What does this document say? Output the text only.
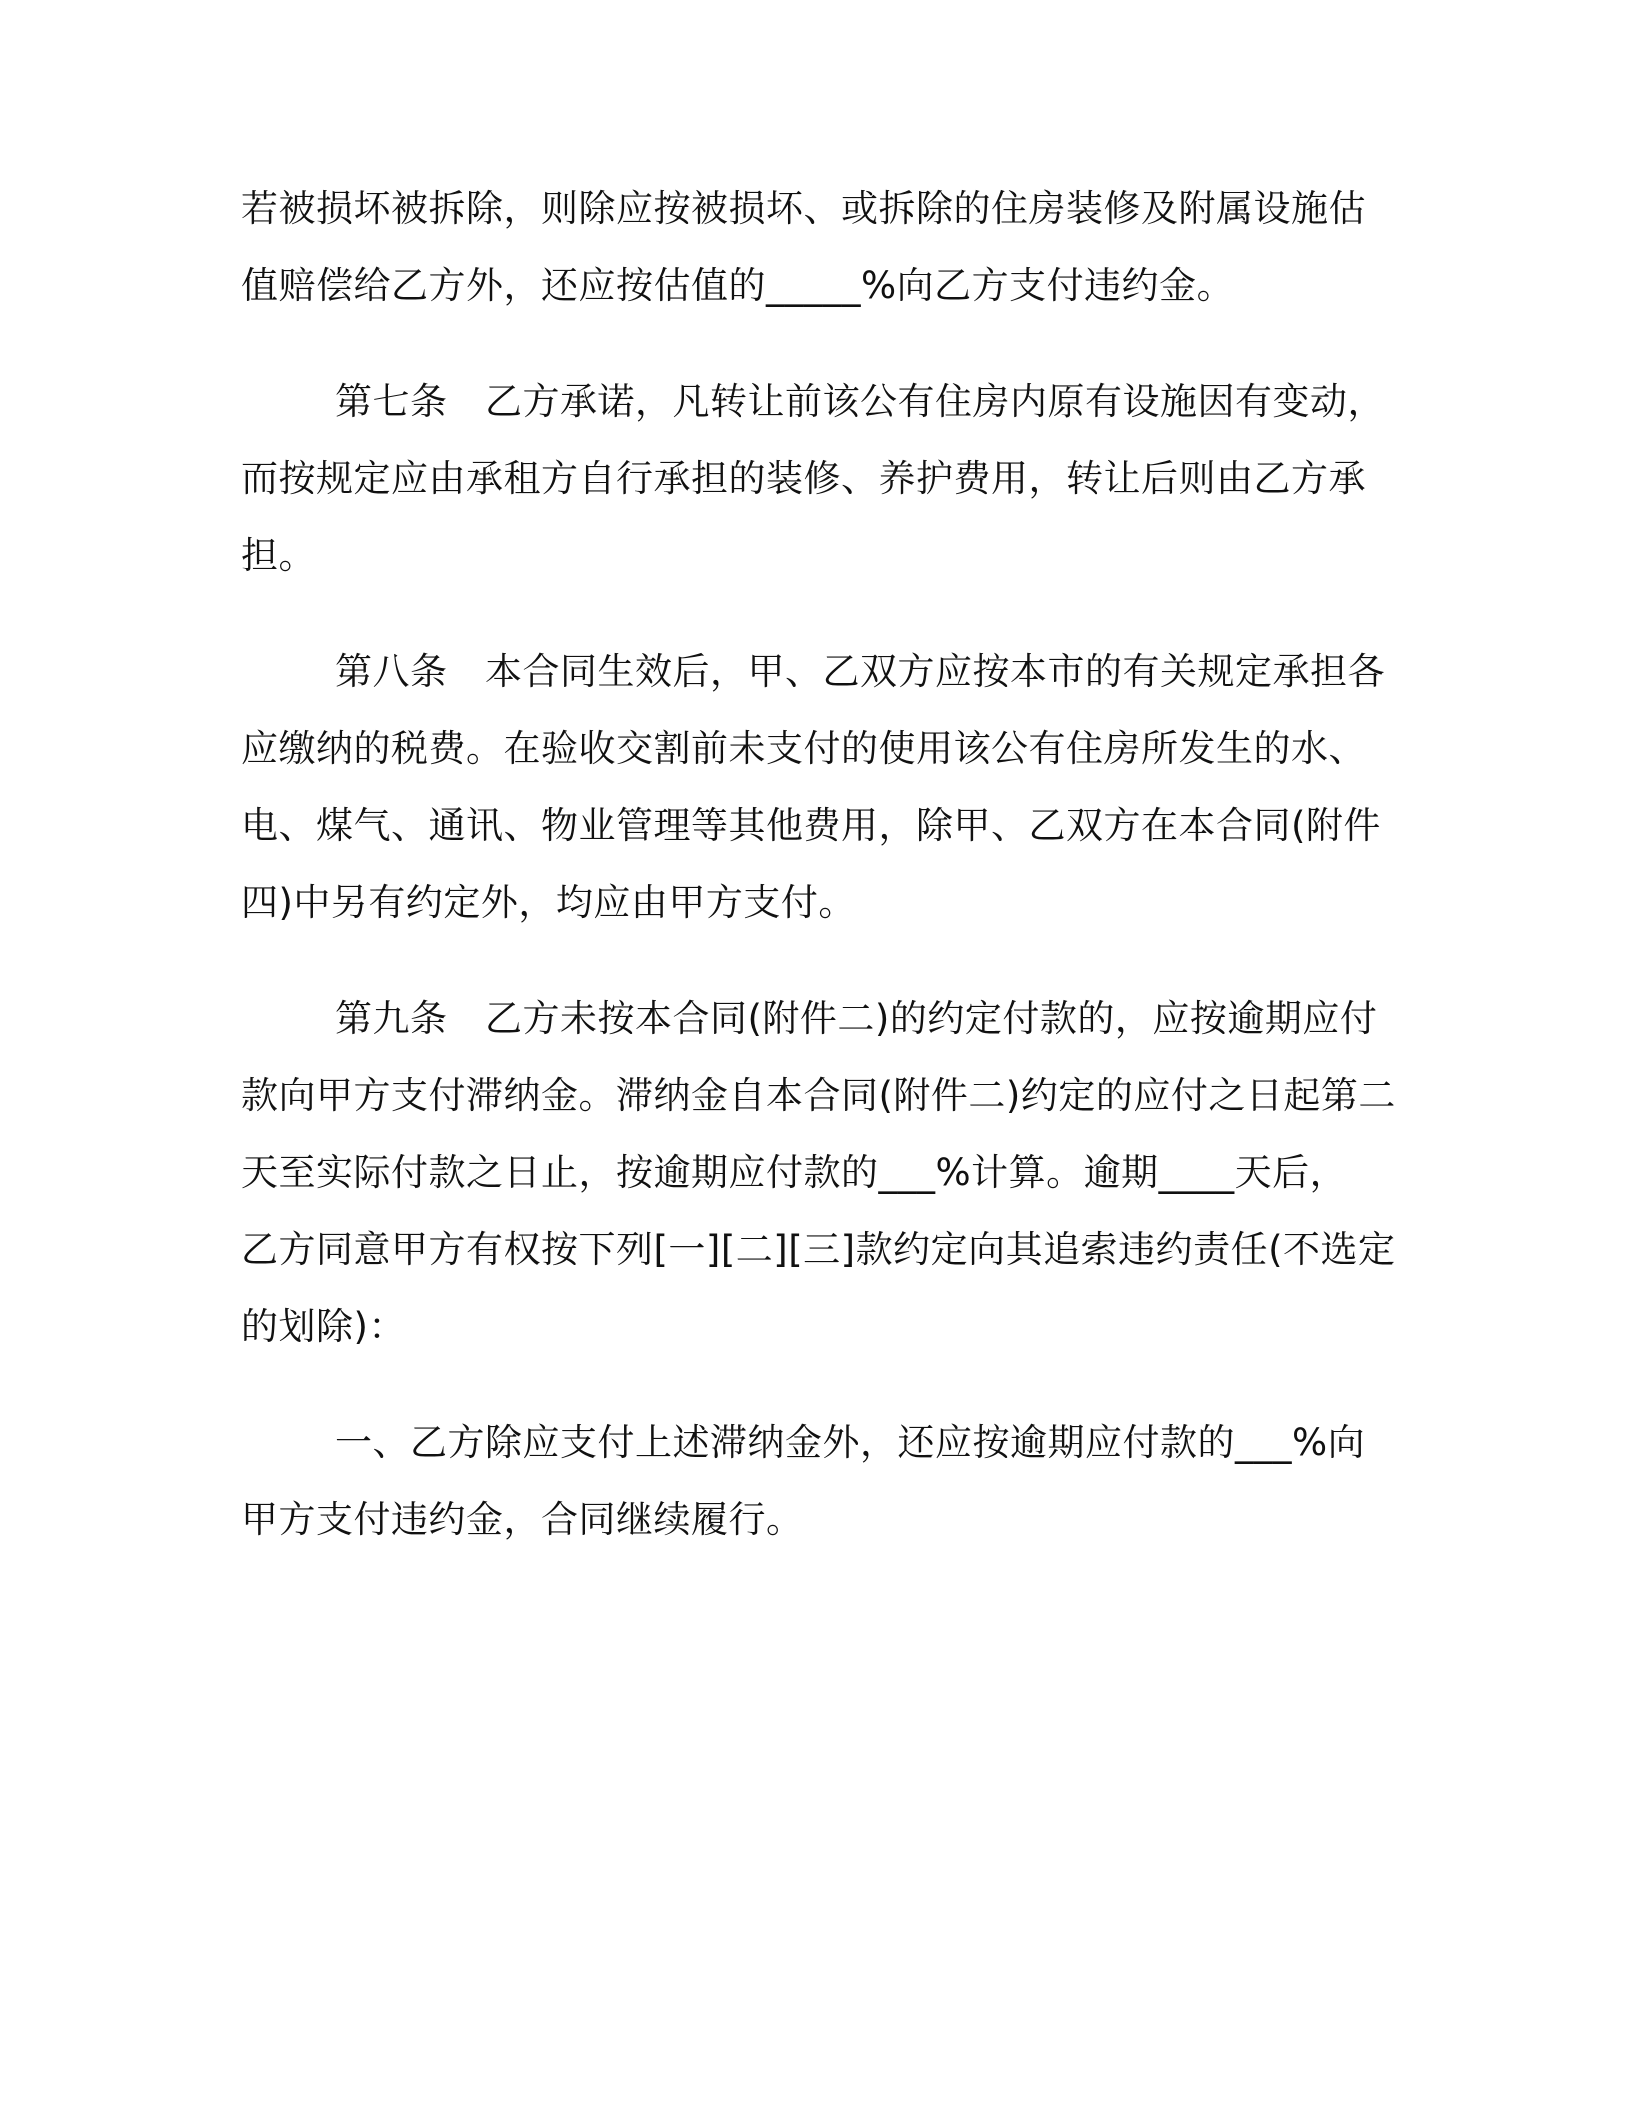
若被损坏被拆除，则除应按被损坏、或拆除的住房装修及附属设施估
值赔偿给乙方外，还应按估值的_____%向乙方支付违约金。
第七条　乙方承诺，凡转让前该公有住房内原有设施因有变动，
而按规定应由承租方自行承担的装修、养护费用，转让后则由乙方承
担。
第八条　本合同生效后，甲、乙双方应按本市的有关规定承担各
应缴纳的税费。在验收交割前未支付的使用该公有住房所发生的水、
电、煤气、通讯、物业管理等其他费用，除甲、乙双方在本合同(附件
四)中另有约定外，均应由甲方支付。
第九条　乙方未按本合同(附件二)的约定付款的，应按逾期应付
款向甲方支付滞纳金。滞纳金自本合同(附件二)约定的应付之日起第二
天至实际付款之日止，按逾期应付款的___%计算。逾期____天后，
乙方同意甲方有权按下列[一][二][三]款约定向其追索违约责任(不选定
的划除)：
一、乙方除应支付上述滞纳金外，还应按逾期应付款的___%向
甲方支付违约金，合同继续履行。
